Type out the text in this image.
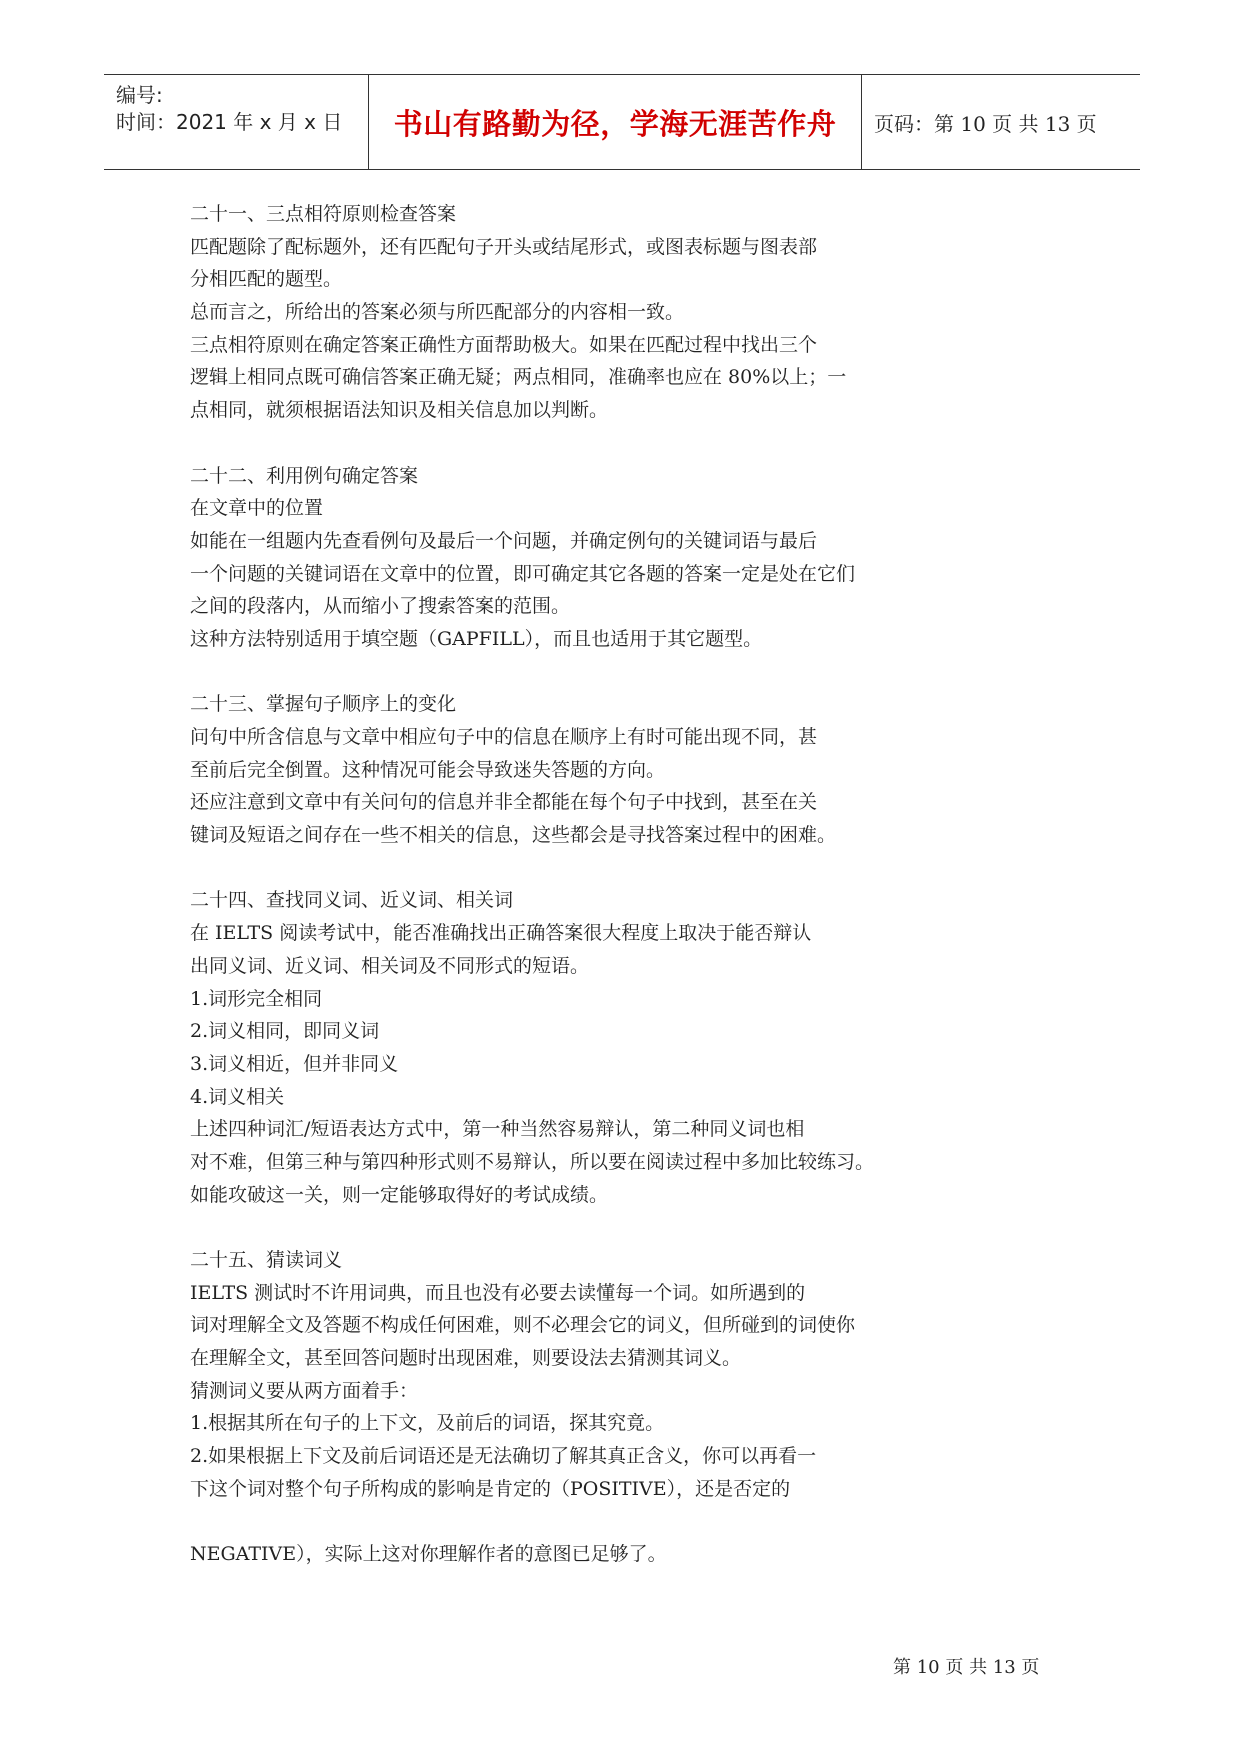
编号:
时间：2021 年 x 月 x 日 书山有路勤为径，学海无涯苦作舟 页码：第 10 页 共 13 页
二十一、三点相符原则检查答案
匹配题除了配标题外，还有匹配句子开头或结尾形式，或图表标题与图表部
分相匹配的题型。
总而言之，所给出的答案必须与所匹配部分的内容相一致。
三点相符原则在确定答案正确性方面帮助极大。如果在匹配过程中找出三个
逻辑上相同点既可确信答案正确无疑；两点相同，准确率也应在 80%以上；一
点相同，就须根据语法知识及相关信息加以判断。
二十二、利用例句确定答案
在文章中的位置
如能在一组题内先查看例句及最后一个问题，并确定例句的关键词语与最后
一个问题的关键词语在文章中的位置，即可确定其它各题的答案一定是处在它们
之间的段落内，从而缩小了搜索答案的范围。
这种方法特别适用于填空题（GAPFILL），而且也适用于其它题型。
二十三、掌握句子顺序上的变化
问句中所含信息与文章中相应句子中的信息在顺序上有时可能出现不同，甚
至前后完全倒置。这种情况可能会导致迷失答题的方向。
还应注意到文章中有关问句的信息并非全都能在每个句子中找到，甚至在关
键词及短语之间存在一些不相关的信息，这些都会是寻找答案过程中的困难。
二十四、查找同义词、近义词、相关词
在 IELTS 阅读考试中，能否准确找出正确答案很大程度上取决于能否辩认
出同义词、近义词、相关词及不同形式的短语。
1.词形完全相同
2.词义相同，即同义词
3.词义相近，但并非同义
4.词义相关
上述四种词汇/短语表达方式中，第一种当然容易辩认，第二种同义词也相
对不难，但第三种与第四种形式则不易辩认，所以要在阅读过程中多加比较练习。
如能攻破这一关，则一定能够取得好的考试成绩。
二十五、猜读词义
IELTS 测试时不许用词典，而且也没有必要去读懂每一个词。如所遇到的
词对理解全文及答题不构成任何困难，则不必理会它的词义，但所碰到的词使你
在理解全文，甚至回答问题时出现困难，则要设法去猜测其词义。
猜测词义要从两方面着手：
1.根据其所在句子的上下文，及前后的词语，探其究竟。
2.如果根据上下文及前后词语还是无法确切了解其真正含义，你可以再看一
下这个词对整个句子所构成的影响是肯定的（POSITIVE），还是否定的
NEGATIVE），实际上这对你理解作者的意图已足够了。
第 10 页 共 13 页
